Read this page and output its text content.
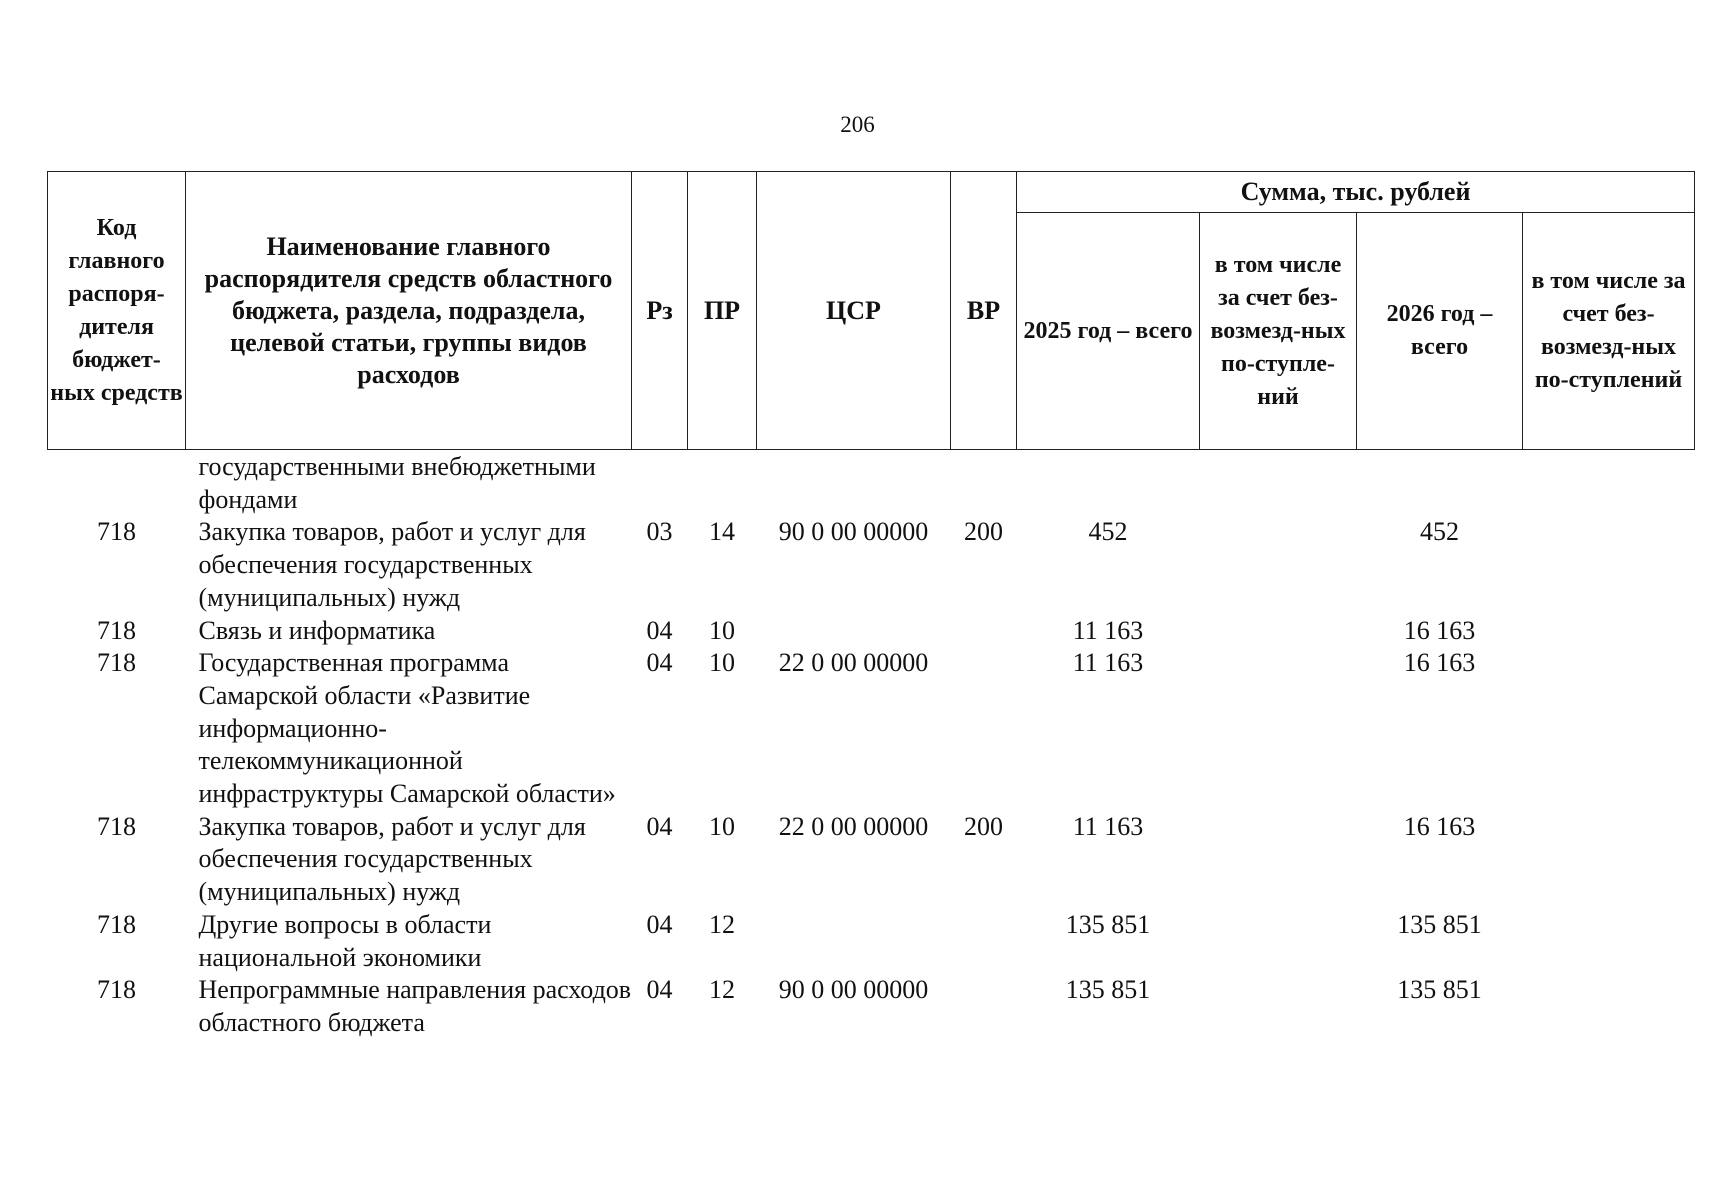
206
Код главного распоря-дителя бюджет-ных средств	Наименование главного распорядителя средств областного бюджета, раздела, подраздела, целевой статьи, группы видов расходов	Рз	ПР	ЦСР	ВР	Сумма, тыс. рублей			
						2025 год – всего	в том числе за счет без-возмезд-ных по-ступле-ний	2026 год – всего	в том числе за счет без-возмезд-ных по-ступлений
	государственными внебюджетными фондами								
718	Закупка товаров, работ и услуг для обеспечения государственных (муниципальных) нужд	03	14	90 0 00 00000	200	452		452	
718	Связь и информатика	04	10			11 163		16 163	
718	Государственная программа Самарской области «Развитие информационно-телекоммуникационной инфраструктуры Самарской области»	04	10	22 0 00 00000		11 163		16 163	
718	Закупка товаров, работ и услуг для обеспечения государственных (муниципальных) нужд	04	10	22 0 00 00000	200	11 163		16 163	
718	Другие вопросы в области национальной экономики	04	12			135 851		135 851	
718	Непрограммные направления расходов областного бюджета	04	12	90 0 00 00000		135 851		135 851	
